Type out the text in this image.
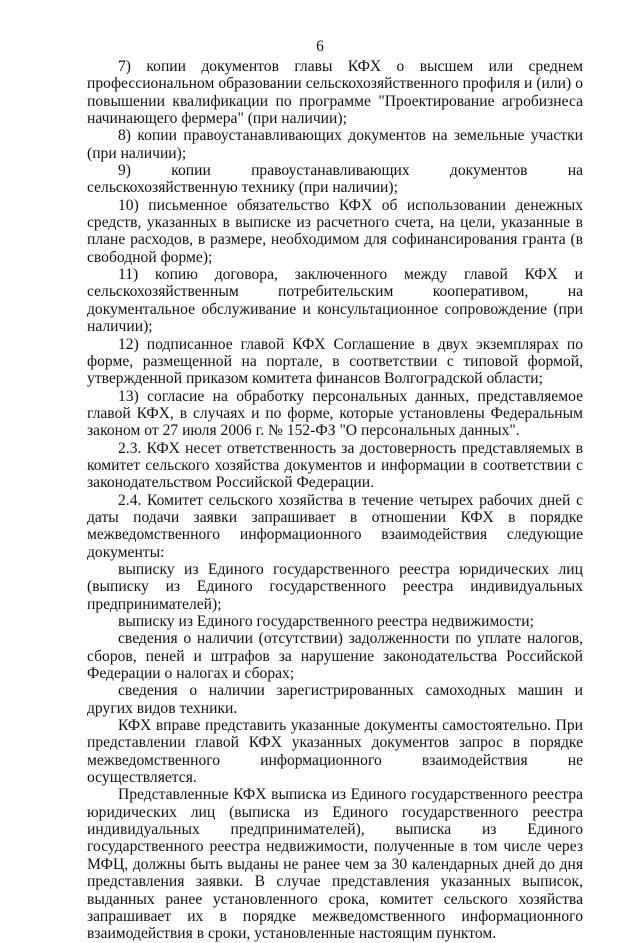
6

7) копии документов главы КФХ о высшем или среднем профессиональном образовании сельскохозяйственного профиля и (или) о повышении квалификации по программе "Проектирование агробизнеса начинающего фермера" (при наличии);

8) копии правоустанавливающих документов на земельные участки (при наличии);

9) копии правоустанавливающих документов на сельскохозяйственную технику (при наличии);

10) письменное обязательство КФХ об использовании денежных средств, указанных в выписке из расчетного счета, на цели, указанные в плане расходов, в размере, необходимом для софинансирования гранта (в свободной форме);

11) копию договора, заключенного между главой КФХ и сельскохозяйственным потребительским кооперативом, на документальное обслуживание и консультационное сопровождение (при наличии);

12) подписанное главой КФХ Соглашение в двух экземплярах по форме, размещенной на портале, в соответствии с типовой формой, утвержденной приказом комитета финансов Волгоградской области;

13) согласие на обработку персональных данных, представляемое главой КФХ, в случаях и по форме, которые установлены Федеральным законом от 27 июля 2006 г. № 152-ФЗ "О персональных данных".

2.3. КФХ несет ответственность за достоверность представляемых в комитет сельского хозяйства документов и информации в соответствии с законодательством Российской Федерации.

2.4. Комитет сельского хозяйства в течение четырех рабочих дней с даты подачи заявки запрашивает в отношении КФХ в порядке межведомственного информационного взаимодействия следующие документы:

выписку из Единого государственного реестра юридических лиц (выписку из Единого государственного реестра индивидуальных предпринимателей);

выписку из Единого государственного реестра недвижимости;

сведения о наличии (отсутствии) задолженности по уплате налогов, сборов, пеней и штрафов за нарушение законодательства Российской Федерации о налогах и сборах;

сведения о наличии зарегистрированных самоходных машин и других видов техники.

КФХ вправе представить указанные документы самостоятельно. При представлении главой КФХ указанных документов запрос в порядке межведомственного информационного взаимодействия не осуществляется.

Представленные КФХ выписка из Единого государственного реестра юридических лиц (выписка из Единого государственного реестра индивидуальных предпринимателей), выписка из Единого государственного реестра недвижимости, полученные в том числе через МФЦ, должны быть выданы не ранее чем за 30 календарных дней до дня представления заявки. В случае представления указанных выписок, выданных ранее установленного срока, комитет сельского хозяйства запрашивает их в порядке межведомственного информационного взаимодействия в сроки, установленные настоящим пунктом.
